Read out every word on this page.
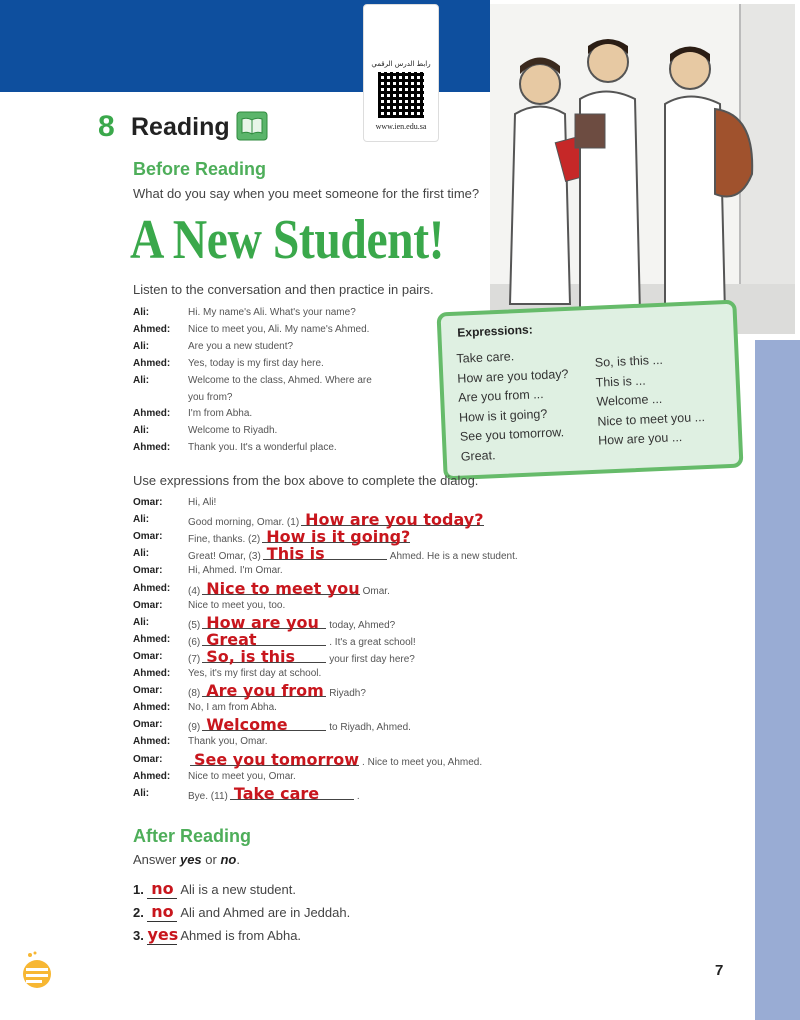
رابط الدرس الرقمي
www.ien.edu.sa
8 Reading
Before Reading
What do you say when you meet someone for the first time?
A New Student!
Listen to the conversation and then practice in pairs.
Ali:	Hi. My name's Ali. What's your name?
Ahmed: Nice to meet you, Ali. My name's Ahmed.
Ali:	Are you a new student?
Ahmed: Yes, today is my first day here.
Ali:	Welcome to the class, Ahmed. Where are you from?
Ahmed: I'm from Abha.
Ali:	Welcome to Riyadh.
Ahmed: Thank you. It's a wonderful place.
Expressions:
Take care.
How are you today?
Are you from ...
How is it going?
See you tomorrow.
Great.
So, is this ...
This is ...
Welcome ...
Nice to meet you ...
How are you ...
Use expressions from the box above to complete the dialog.
Omar:	Hi, Ali!
Ali:	Good morning, Omar. (1) How are you today?
Omar:	Fine, thanks. (2) How is it going?
Ali:	Great! Omar, (3) This is	Ahmed. He is a new student.
Omar:	Hi, Ahmed. I'm Omar.
Ahmed: (4) Nice to meet you Omar.
Omar:	Nice to meet you, too.
Ali:	(5) How are you today, Ahmed?
Ahmed: (6) Great	. It's a great school!
Omar:	(7) So, is this	your first day here?
Ahmed: Yes, it's my first day at school.
Omar:	(8) Are you from Riyadh?
Ahmed: No, I am from Abha.
Omar:	(9) Welcome	to Riyadh, Ahmed.
Ahmed: Thank you, Omar.
Omar:	See you tomorrow . Nice to meet you, Ahmed.
Ahmed: Nice to meet you, Omar.
Ali:	Bye. (11) Take care	.
After Reading
Answer yes or no.
1. no Ali is a new student.
2. no Ali and Ahmed are in Jeddah.
3. yes Ahmed is from Abha.
7
